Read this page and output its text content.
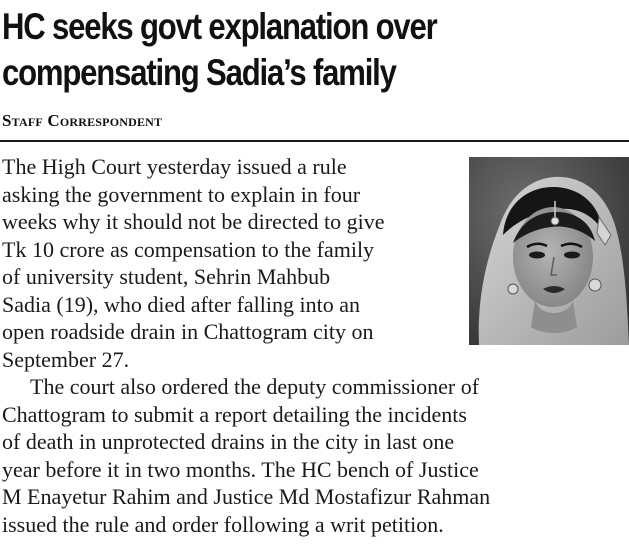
HC seeks govt explanation over
compensating Sadia’s family
Staff Correspondent
The High Court yesterday issued a rule
asking the government to explain in four
weeks why it should not be directed to give
Tk 10 crore as compensation to the family
of university student, Sehrin Mahbub
Sadia (19), who died after falling into an
open roadside drain in Chattogram city on
September 27.
The court also ordered the deputy commissioner of
Chattogram to submit a report detailing the incidents
of death in unprotected drains in the city in last one
year before it in two months. The HC bench of Justice
M Enayetur Rahim and Justice Md Mostafizur Rahman
issued the rule and order following a writ petition.
